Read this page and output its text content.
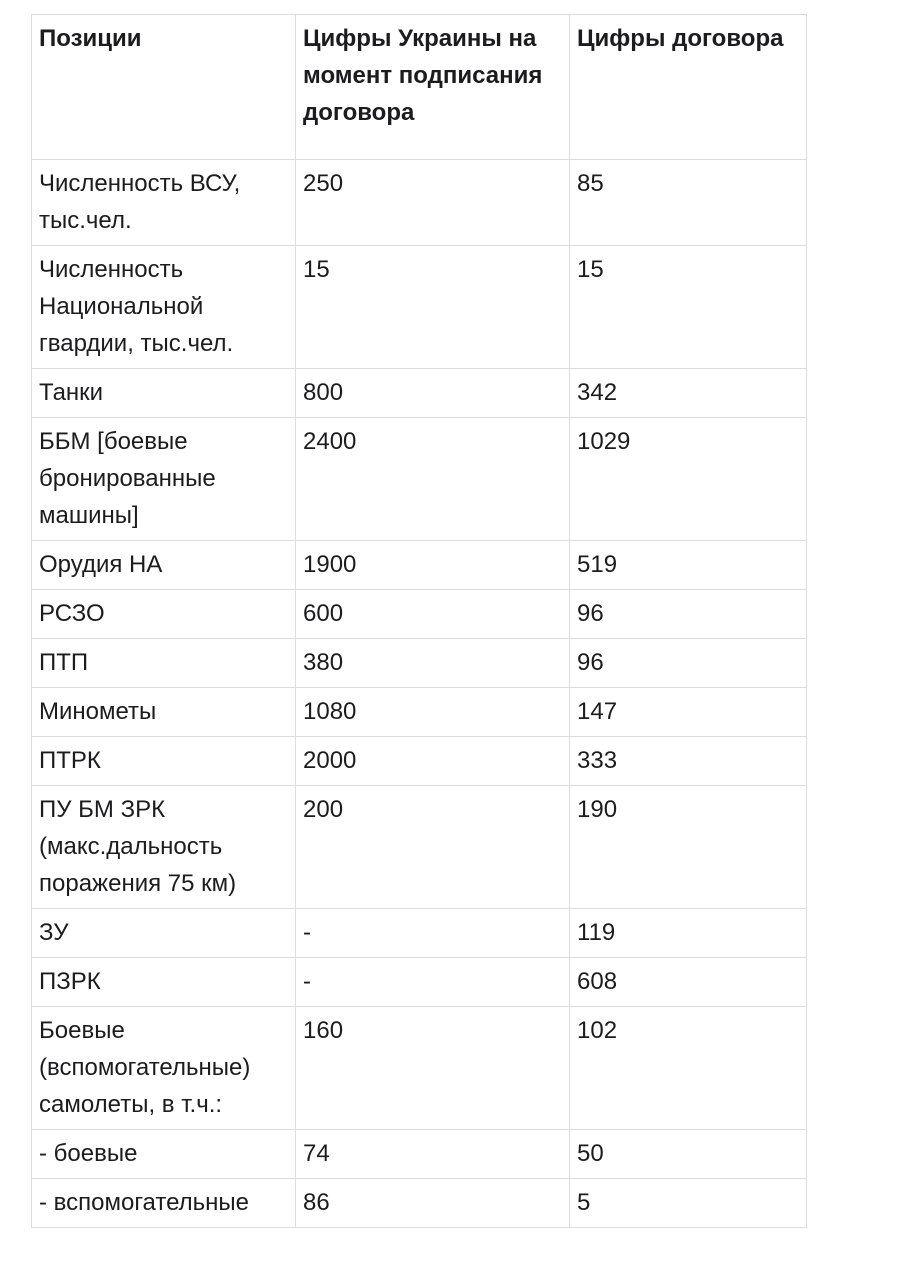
Позиции	Цифры Украины на момент подписания договора	Цифры договора
Численность ВСУ, тыс.чел.	250	85
Численность Национальной гвардии, тыс.чел.	15	15
Танки	800	342
ББМ [боевые бронированные машины]	2400	1029
Орудия НА	1900	519
РСЗО	600	96
ПТП	380	96
Минометы	1080	147
ПТРК	2000	333
ПУ БМ ЗРК (макс.дальность поражения 75 км)	200	190
ЗУ	-	119
ПЗРК	-	608
Боевые (вспомогательные) самолеты, в т.ч.:	160	102
- боевые	74	50
- вспомогательные	86	5
